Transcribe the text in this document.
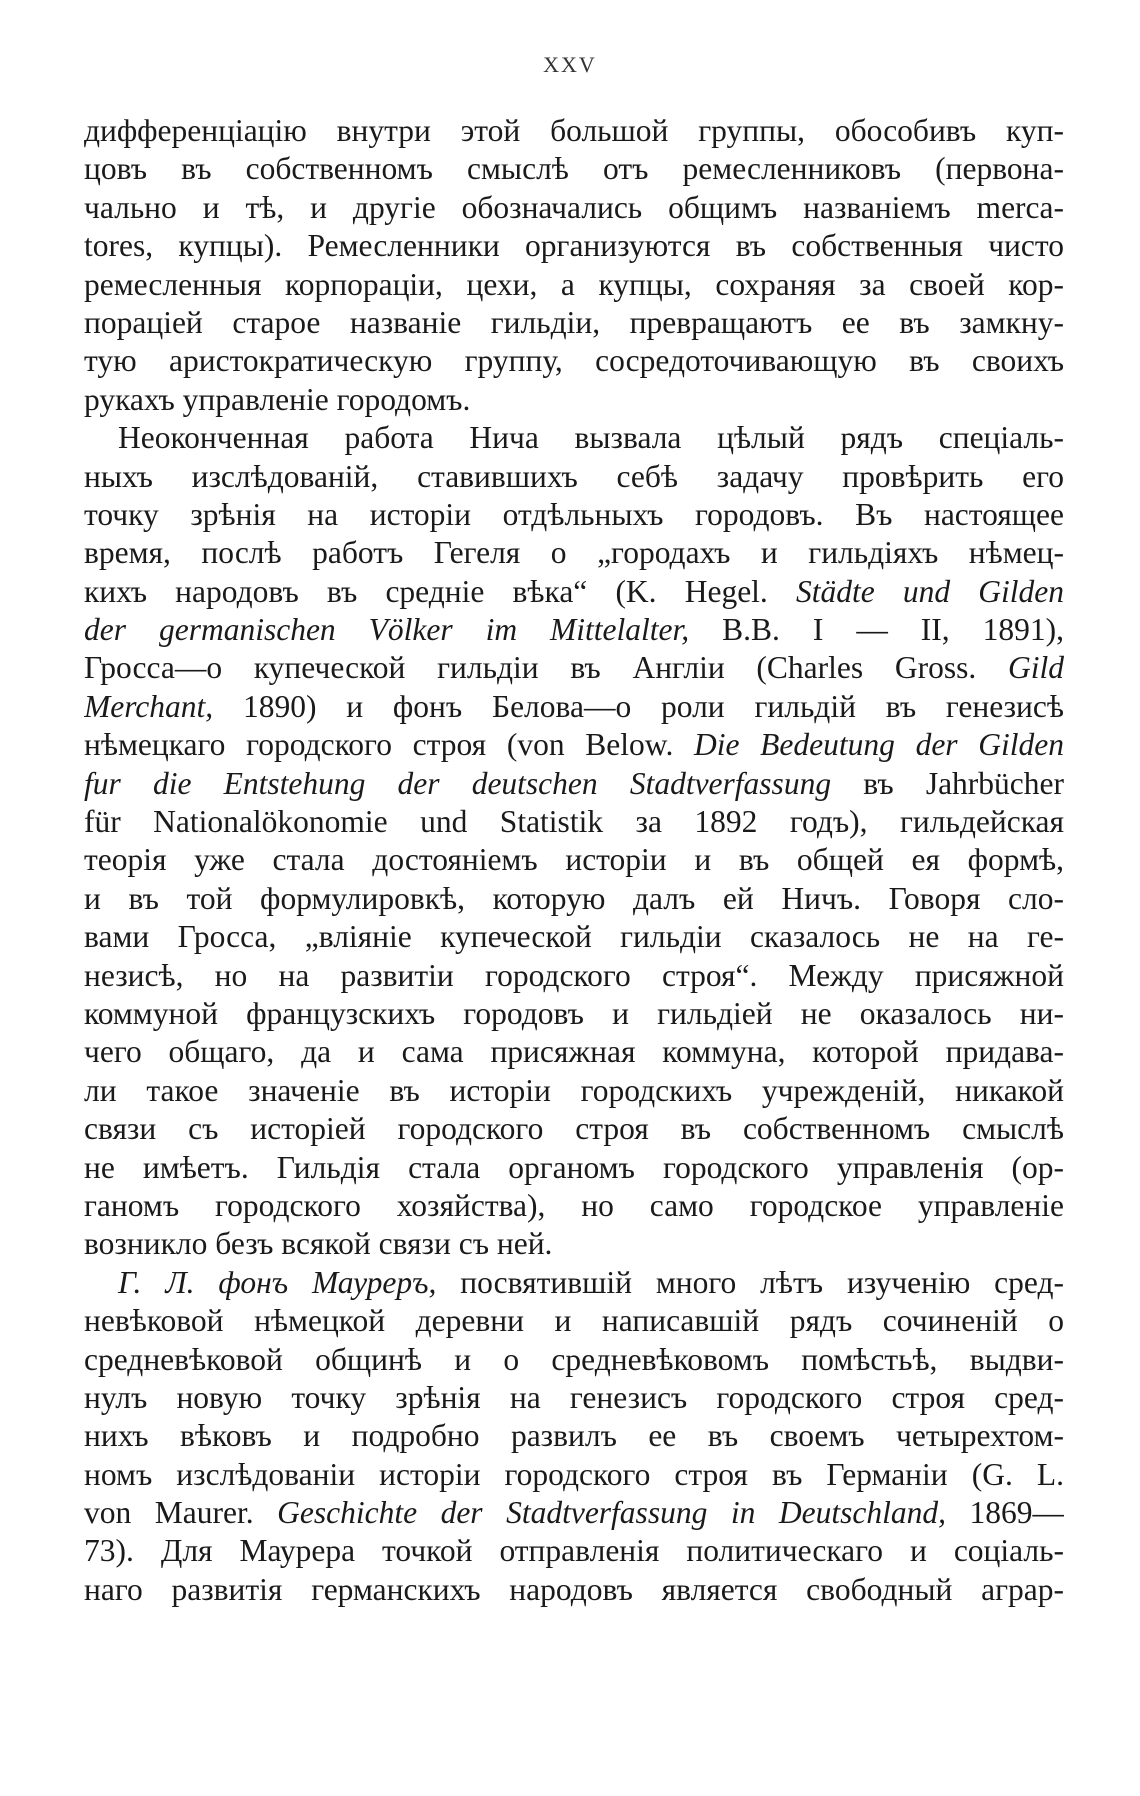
XXV
дифференціацію внутри этой большой группы, обособивъ куп-
цовъ въ собственномъ смыслѣ отъ ремесленниковъ (первона-
чально и тѣ, и другіе обозначались общимъ названіемъ merca-
tores, купцы). Ремесленники организуются въ собственныя чисто
ремесленныя корпораціи, цехи, а купцы, сохраняя за своей кор-
пораціей старое названіе гильдіи, превращаютъ ее въ замкну-
тую аристократическую группу, сосредоточивающую въ своихъ
рукахъ управленіе городомъ.
Неоконченная работа Нича вызвала цѣлый рядъ спеціаль-
ныхъ изслѣдованій, ставившихъ себѣ задачу провѣрить его
точку зрѣнія на исторіи отдѣльныхъ городовъ. Въ настоящее
время, послѣ работъ Гегеля о „городахъ и гильдіяхъ нѣмец-
кихъ народовъ въ средніе вѣка“ (K. Hegel. Städte und Gilden
der germanischen Völker im Mittelalter, B.B. I — II, 1891),
Гросса—о купеческой гильдіи въ Англіи (Charles Gross. Gild
Merchant, 1890) и фонъ Белова—о роли гильдій въ генезисѣ
нѣмецкаго городского строя (von Below. Die Bedeutung der Gilden
fur die Entstehung der deutschen Stadtverfassung въ Jahrbücher
für Nationalökonomie und Statistik за 1892 годъ), гильдейская
теорія уже стала достояніемъ исторіи и въ общей ея формѣ,
и въ той формулировкѣ, которую далъ ей Ничъ. Говоря сло-
вами Гросса, „вліяніе купеческой гильдіи сказалось не на ге-
незисѣ, но на развитіи городского строя“. Между присяжной
коммуной французскихъ городовъ и гильдіей не оказалось ни-
чего общаго, да и сама присяжная коммуна, которой придава-
ли такое значеніе въ исторіи городскихъ учрежденій, никакой
связи съ исторіей городского строя въ собственномъ смыслѣ
не имѣетъ. Гильдія стала органомъ городского управленія (ор-
ганомъ городского хозяйства), но само городское управленіе
возникло безъ всякой связи съ ней.
Г. Л. фонъ Мауреръ, посвятившій много лѣтъ изученію сред-
невѣковой нѣмецкой деревни и написавшій рядъ сочиненій о
средневѣковой общинѣ и о средневѣковомъ помѣстьѣ, выдви-
нулъ новую точку зрѣнія на генезисъ городского строя сред-
нихъ вѣковъ и подробно развилъ ее въ своемъ четырехтом-
номъ изслѣдованіи исторіи городского строя въ Германіи (G. L.
von Maurer. Geschichte der Stadtverfassung in Deutschland, 1869—
73). Для Маурера точкой отправленія политическаго и соціаль-
наго развитія германскихъ народовъ является свободный аграр-
